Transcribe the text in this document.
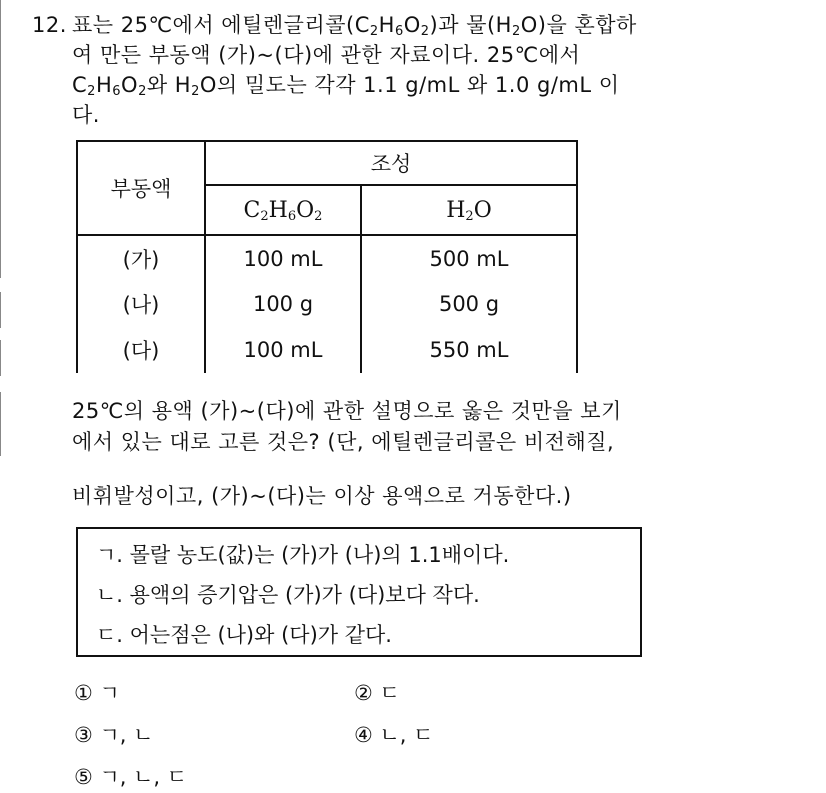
12. 표는 25℃에서 에틸렌글리콜$(C_2H_6O_2)$과 물$(H_2O)$을 혼합하
여 만든 부동액 (가)~(다)에 관한 자료이다. 25℃에서
$C_2H_6O_2$와 $H_2O$의 밀도는 각각 1.1 g/mL 와 1.0 g/mL 이
다.
부동액	조성	
	$C_2H_6O_2$	$H_2O$
(가)	100 mL	500 mL
(나)	100 g	500 g
(다)	100 mL	550 mL
25℃의 용액 (가)~(다)에 관한 설명으로 옳은 것만을 보기
에서 있는 대로 고른 것은? (단, 에틸렌글리콜은 비전해질,
비휘발성이고, (가)~(다)는 이상 용액으로 거동한다.)
ㄱ. 몰랄 농도(값)는 (가)가 (나)의 1.1배이다.
ㄴ. 용액의 증기압은 (가)가 (다)보다 작다.
ㄷ. 어는점은 (나)와 (다)가 같다.
① ㄱ	② ㄷ
③ ㄱ, ㄴ	④ ㄴ, ㄷ
⑤ ㄱ, ㄴ, ㄷ
